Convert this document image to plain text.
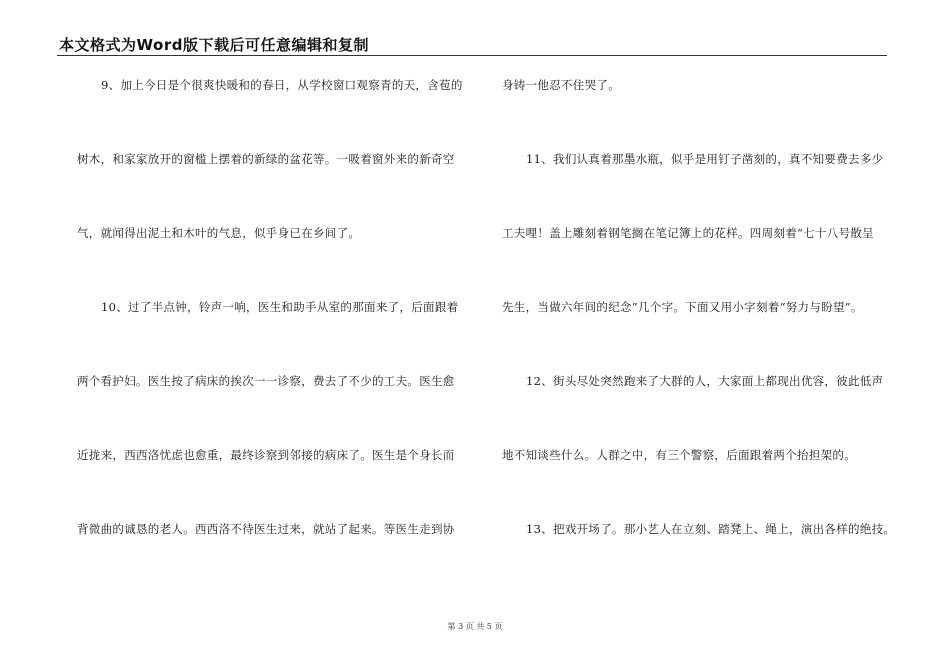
本文格式为Word版下载后可任意编辑和复制
9、加上今日是个很爽快暖和的春日，从学校窗口观察青的天，含苞的
树木，和家家放开的窗槛上摆着的新绿的盆花等。一吸着窗外来的新奇空
气，就闻得出泥土和木叶的气息，似乎身已在乡间了。
10、过了半点钟，铃声一响，医生和助手从室的那面来了，后面跟着
两个看护妇。医生按了病床的挨次一一诊察，费去了不少的工夫。医生愈
近拢来，西西洛忧虑也愈重，最终诊察到邻接的病床了。医生是个身长而
背微曲的诚恳的老人。西西洛不待医生过来，就站了起来。等医生走到协
身铸一他忍不住哭了。
11、我们认真着那墨水瓶，似乎是用钉子凿刻的，真不知要费去多少
工夫哩！盖上雕刻着钢笔搁在笔记簿上的花样。四周刻着“七十八号散呈
先生，当做六年间的纪念”几个字。下面又用小字刻着“努力与盼望”。
12、街头尽处突然跑来了大群的人，大家面上都现出优容，彼此低声
地不知谈些什么。人群之中，有三个警察，后面跟着两个抬担架的。
13、把戏开场了。那小艺人在立刻、踏凳上、绳上，演出各样的绝技。
第 3 页 共 5 页
